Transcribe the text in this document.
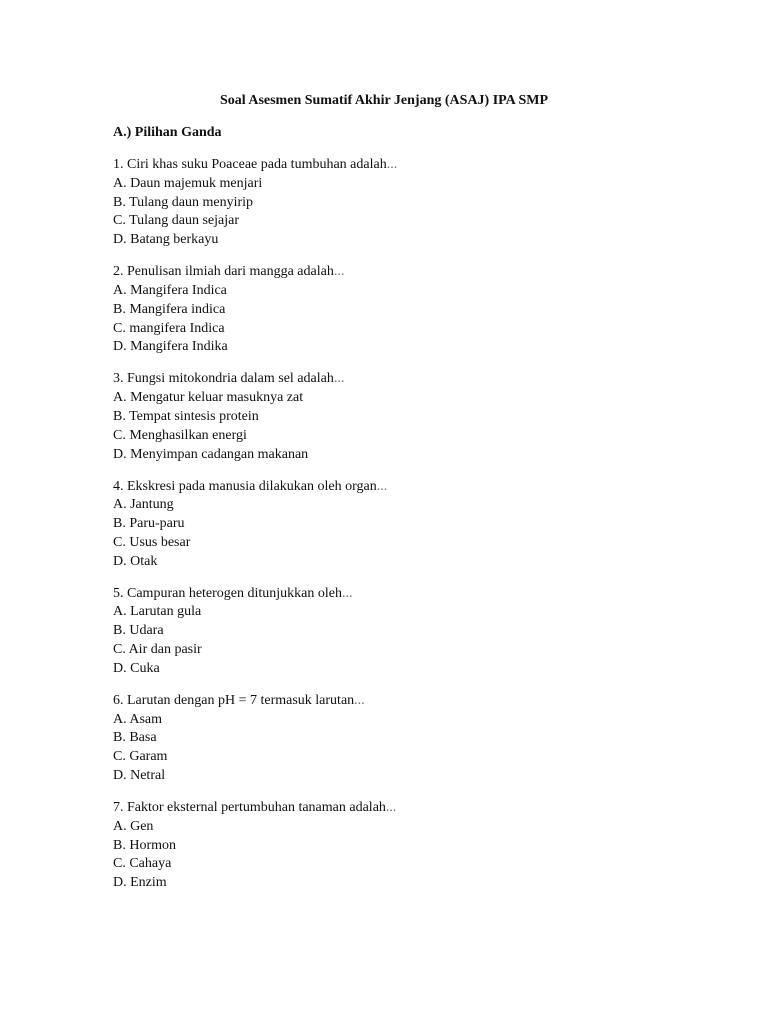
Soal Asesmen Sumatif Akhir Jenjang (ASAJ) IPA SMP
A.) Pilihan Ganda
1. Ciri khas suku Poaceae pada tumbuhan adalah...
A. Daun majemuk menjari
B. Tulang daun menyirip
C. Tulang daun sejajar
D. Batang berkayu
2. Penulisan ilmiah dari mangga adalah...
A. Mangifera Indica
B. Mangifera indica
C. mangifera Indica
D. Mangifera Indika
3. Fungsi mitokondria dalam sel adalah...
A. Mengatur keluar masuknya zat
B. Tempat sintesis protein
C. Menghasilkan energi
D. Menyimpan cadangan makanan
4. Ekskresi pada manusia dilakukan oleh organ...
A. Jantung
B. Paru-paru
C. Usus besar
D. Otak
5. Campuran heterogen ditunjukkan oleh...
A. Larutan gula
B. Udara
C. Air dan pasir
D. Cuka
6. Larutan dengan pH = 7 termasuk larutan...
A. Asam
B. Basa
C. Garam
D. Netral
7. Faktor eksternal pertumbuhan tanaman adalah...
A. Gen
B. Hormon
C. Cahaya
D. Enzim
